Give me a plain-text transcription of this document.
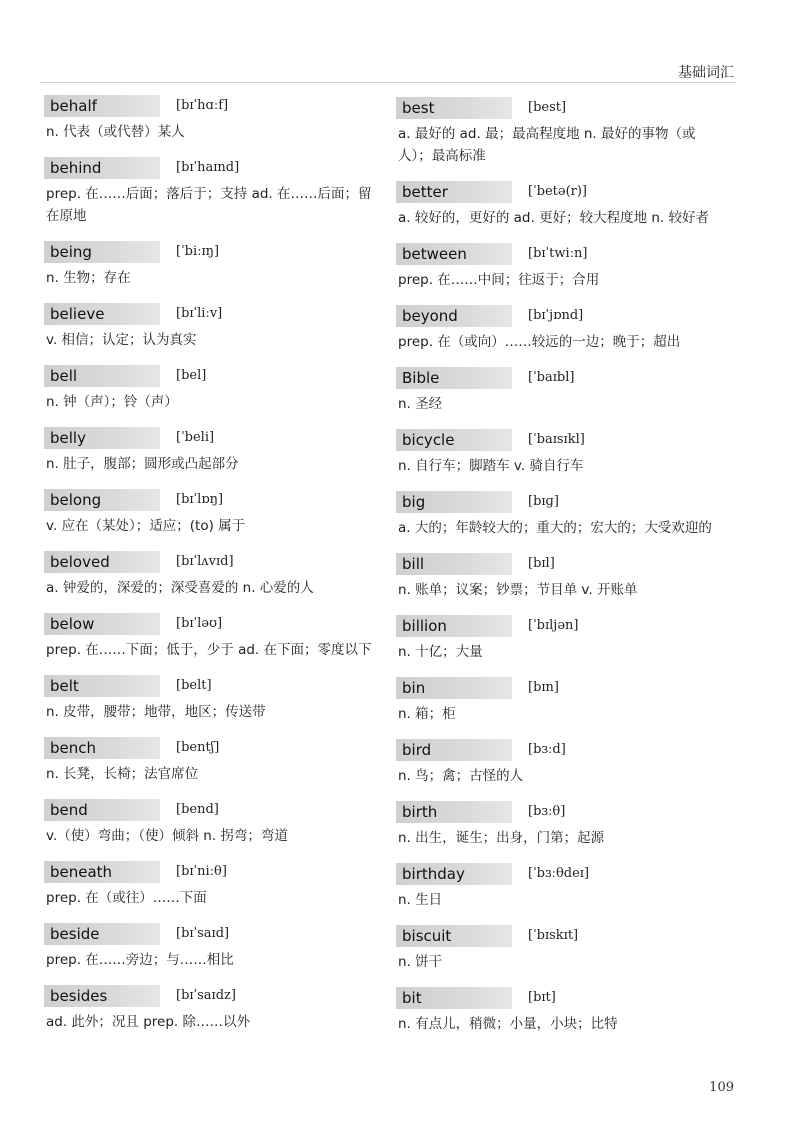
基础词汇
behalf	[bɪˈhɑːf]
n. 代表（或代替）某人
behind	[bɪˈhaɪnd]
prep. 在……后面；落后于；支持 ad. 在……后面；留在原地
being	[ˈbiːɪŋ]
n. 生物；存在
believe	[bɪˈliːv]
v. 相信；认定；认为真实
bell	[bel]
n. 钟（声）；铃（声）
belly	[ˈbeli]
n. 肚子，腹部；圆形或凸起部分
belong	[bɪˈlɒŋ]
v. 应在（某处）；适应；(to) 属于
beloved	[bɪˈlʌvɪd]
a. 钟爱的，深爱的；深受喜爱的 n. 心爱的人
below	[bɪˈləʊ]
prep. 在……下面；低于，少于 ad. 在下面；零度以下
belt	[belt]
n. 皮带，腰带；地带，地区；传送带
bench	[bentʃ]
n. 长凳，长椅；法官席位
bend	[bend]
v.（使）弯曲；（使）倾斜 n. 拐弯；弯道
beneath	[bɪˈniːθ]
prep. 在（或往）……下面
beside	[bɪˈsaɪd]
prep. 在……旁边；与……相比
besides	[bɪˈsaɪdz]
ad. 此外；况且 prep. 除……以外
best	[best]
a. 最好的 ad. 最；最高程度地 n. 最好的事物（或人）；最高标准
better	[ˈbetə(r)]
a. 较好的，更好的 ad. 更好；较大程度地 n. 较好者
between	[bɪˈtwiːn]
prep. 在……中间；往返于；合用
beyond	[bɪˈjɒnd]
prep. 在（或向）……较远的一边；晚于；超出
Bible	[ˈbaɪbl]
n. 圣经
bicycle	[ˈbaɪsɪkl]
n. 自行车；脚踏车 v. 骑自行车
big	[bɪɡ]
a. 大的；年龄较大的；重大的；宏大的；大受欢迎的
bill	[bɪl]
n. 账单；议案；钞票；节目单 v. 开账单
billion	[ˈbɪljən]
n. 十亿；大量
bin	[bɪn]
n. 箱；柜
bird	[bɜːd]
n. 鸟；禽；古怪的人
birth	[bɜːθ]
n. 出生，诞生；出身，门第；起源
birthday	[ˈbɜːθdeɪ]
n. 生日
biscuit	[ˈbɪskɪt]
n. 饼干
bit	[bɪt]
n. 有点儿，稍微；小量，小块；比特
109
